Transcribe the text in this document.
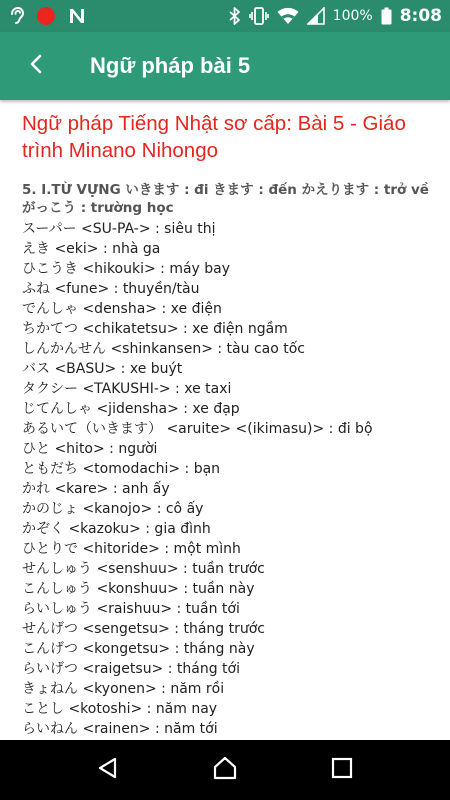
100% 8:08
Ngữ pháp bài 5
Ngữ pháp Tiếng Nhật sơ cấp: Bài 5 - Giáo trình Minano Nihongo
5. I.TỪ VỰNG いきます : đi きます : đến かえります : trở về がっこう : trường học
スーパー <SU-PA-> : siêu thị
えき <eki> : nhà ga
ひこうき <hikouki> : máy bay
ふね <fune> : thuyền/tàu
でんしゃ <densha> : xe điện
ちかてつ <chikatetsu> : xe điện ngầm
しんかんせん <shinkansen> : tàu cao tốc
バス <BASU> : xe buýt
タクシー <TAKUSHI-> : xe taxi
じてんしゃ <jidensha> : xe đạp
あるいて（いきます） <aruite> <(ikimasu)> : đi bộ
ひと <hito> : người
ともだち <tomodachi> : bạn
かれ <kare> : anh ấy
かのじょ <kanojo> : cô ấy
かぞく <kazoku> : gia đình
ひとりで <hitoride> : một mình
せんしゅう <senshuu> : tuần trước
こんしゅう <konshuu> : tuần này
らいしゅう <raishuu> : tuần tới
せんげつ <sengetsu> : tháng trước
こんげつ <kongetsu> : tháng này
らいげつ <raigetsu> : tháng tới
きょねん <kyonen> : năm rồi
ことし <kotoshi> : năm nay
らいねん <rainen> : năm tới
